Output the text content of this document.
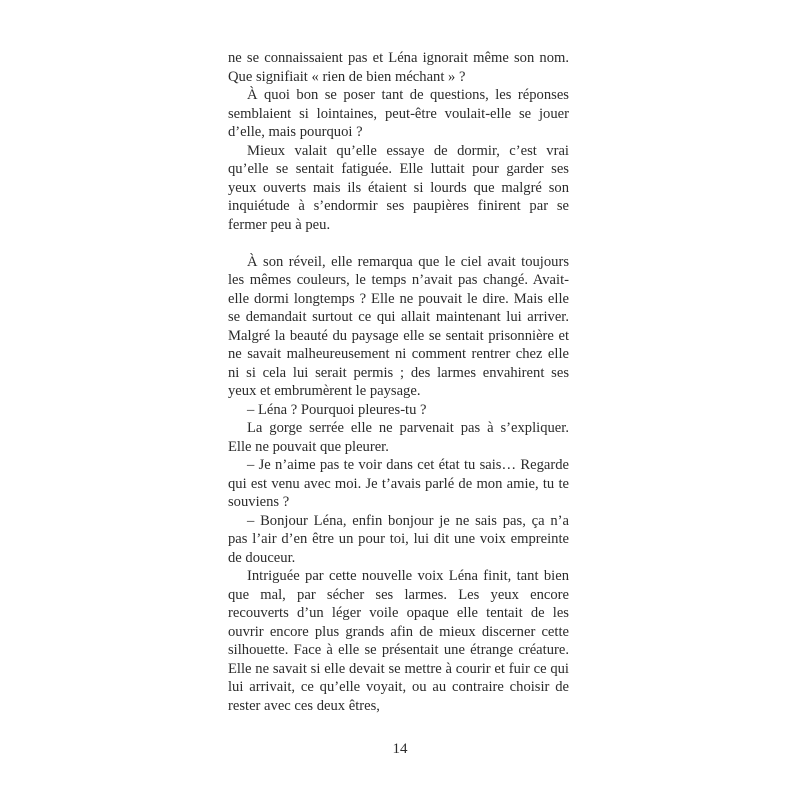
ne se connaissaient pas et Léna ignorait même son nom. Que signifiait « rien de bien méchant » ?

À quoi bon se poser tant de questions, les réponses semblaient si lointaines, peut-être voulait-elle se jouer d’elle, mais pourquoi ?

Mieux valait qu’elle essaye de dormir, c’est vrai qu’elle se sentait fatiguée. Elle luttait pour garder ses yeux ouverts mais ils étaient si lourds que malgré son inquiétude à s’endormir ses paupières finirent par se fermer peu à peu.

À son réveil, elle remarqua que le ciel avait toujours les mêmes couleurs, le temps n’avait pas changé. Avait-elle dormi longtemps ? Elle ne pouvait le dire. Mais elle se demandait surtout ce qui allait maintenant lui arriver. Malgré la beauté du paysage elle se sentait prisonnière et ne savait malheureusement ni comment rentrer chez elle ni si cela lui serait permis ; des larmes envahirent ses yeux et embrumèrent le paysage.

– Léna ? Pourquoi pleures-tu ?

La gorge serrée elle ne parvenait pas à s’expliquer. Elle ne pouvait que pleurer.

– Je n’aime pas te voir dans cet état tu sais… Regarde qui est venu avec moi. Je t’avais parlé de mon amie, tu te souviens ?

– Bonjour Léna, enfin bonjour je ne sais pas, ça n’a pas l’air d’en être un pour toi, lui dit une voix empreinte de douceur.

Intriguée par cette nouvelle voix Léna finit, tant bien que mal, par sécher ses larmes. Les yeux encore recouverts d’un léger voile opaque elle tentait de les ouvrir encore plus grands afin de mieux discerner cette silhouette. Face à elle se présentait une étrange créature. Elle ne savait si elle devait se mettre à courir et fuir ce qui lui arrivait, ce qu’elle voyait, ou au contraire choisir de rester avec ces deux êtres,

14
